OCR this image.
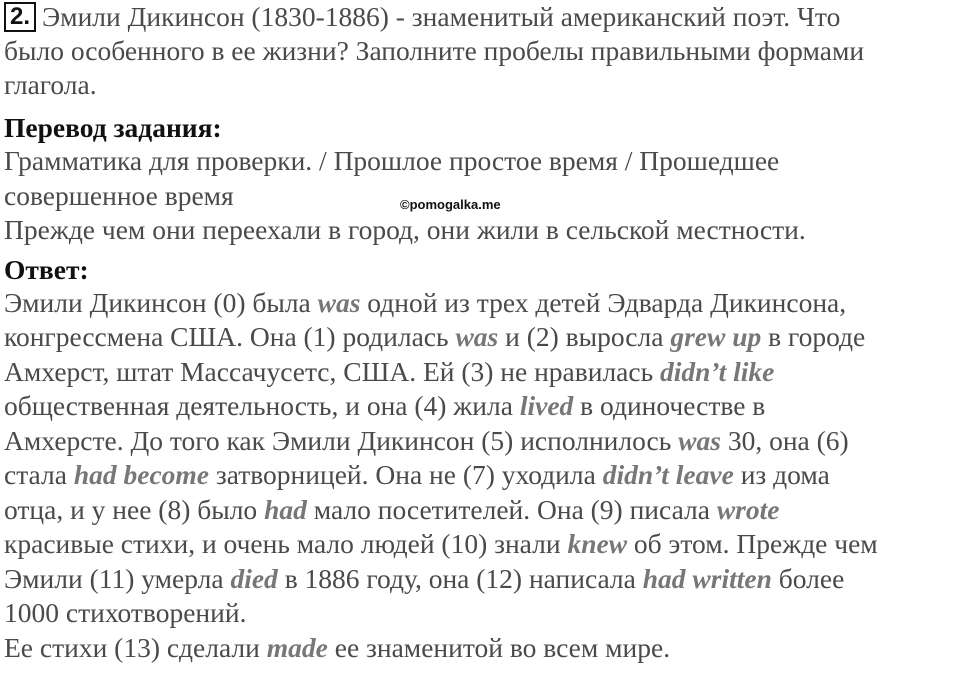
2. Эмили Дикинсон (1830-1886) - знаменитый американский поэт. Что
было особенного в ее жизни? Заполните пробелы правильными формами
глагола.
Перевод задания:
Грамматика для проверки. / Прошлое простое время / Прошедшее
совершенное время
Прежде чем они переехали в город, они жили в сельской местности.
Ответ:
Эмили Дикинсон (0) была was одной из трех детей Эдварда Дикинсона,
конгрессмена США. Она (1) родилась was и (2) выросла grew up в городе
Амхерст, штат Массачусетс, США. Ей (3) не нравилась didn’t like
общественная деятельность, и она (4) жила lived в одиночестве в
Амхерсте. До того как Эмили Дикинсон (5) исполнилось was 30, она (6)
стала had become затворницей. Она не (7) уходила didn’t leave из дома
отца, и у нее (8) было had мало посетителей. Она (9) писала wrote
красивые стихи, и очень мало людей (10) знали knew об этом. Прежде чем
Эмили (11) умерла died в 1886 году, она (12) написала had written более
1000 стихотворений.
Ее стихи (13) сделали made ее знаменитой во всем мире.
©pomogalka.me
